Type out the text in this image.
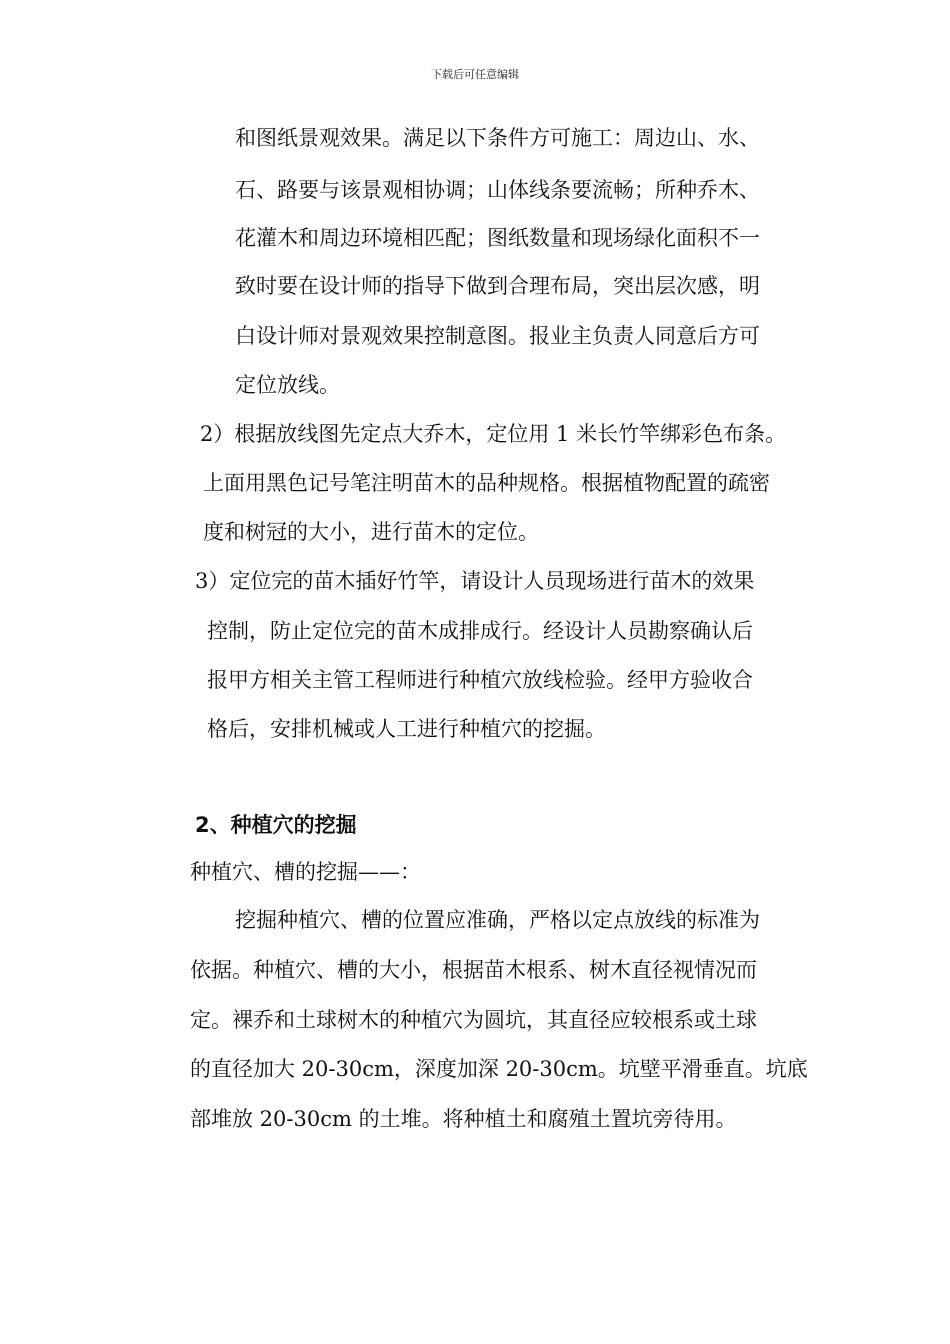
下载后可任意编辑
和图纸景观效果。满足以下条件方可施工：周边山、水、
石、路要与该景观相协调；山体线条要流畅；所种乔木、
花灌木和周边环境相匹配；图纸数量和现场绿化面积不一
致时要在设计师的指导下做到合理布局，突出层次感，明
白设计师对景观效果控制意图。报业主负责人同意后方可
定位放线。
2）根据放线图先定点大乔木，定位用 1 米长竹竿绑彩色布条。
上面用黑色记号笔注明苗木的品种规格。根据植物配置的疏密
度和树冠的大小，进行苗木的定位。
3）定位完的苗木插好竹竿，请设计人员现场进行苗木的效果
控制，防止定位完的苗木成排成行。经设计人员勘察确认后
报甲方相关主管工程师进行种植穴放线检验。经甲方验收合
格后，安排机械或人工进行种植穴的挖掘。
2、种植穴的挖掘
种植穴、槽的挖掘——：
挖掘种植穴、槽的位置应准确，严格以定点放线的标准为
依据。种植穴、槽的大小，根据苗木根系、树木直径视情况而
定。裸乔和土球树木的种植穴为圆坑，其直径应较根系或土球
的直径加大 20-30cm，深度加深 20-30cm。坑壁平滑垂直。坑底
部堆放 20-30cm 的土堆。将种植土和腐殖土置坑旁待用。
